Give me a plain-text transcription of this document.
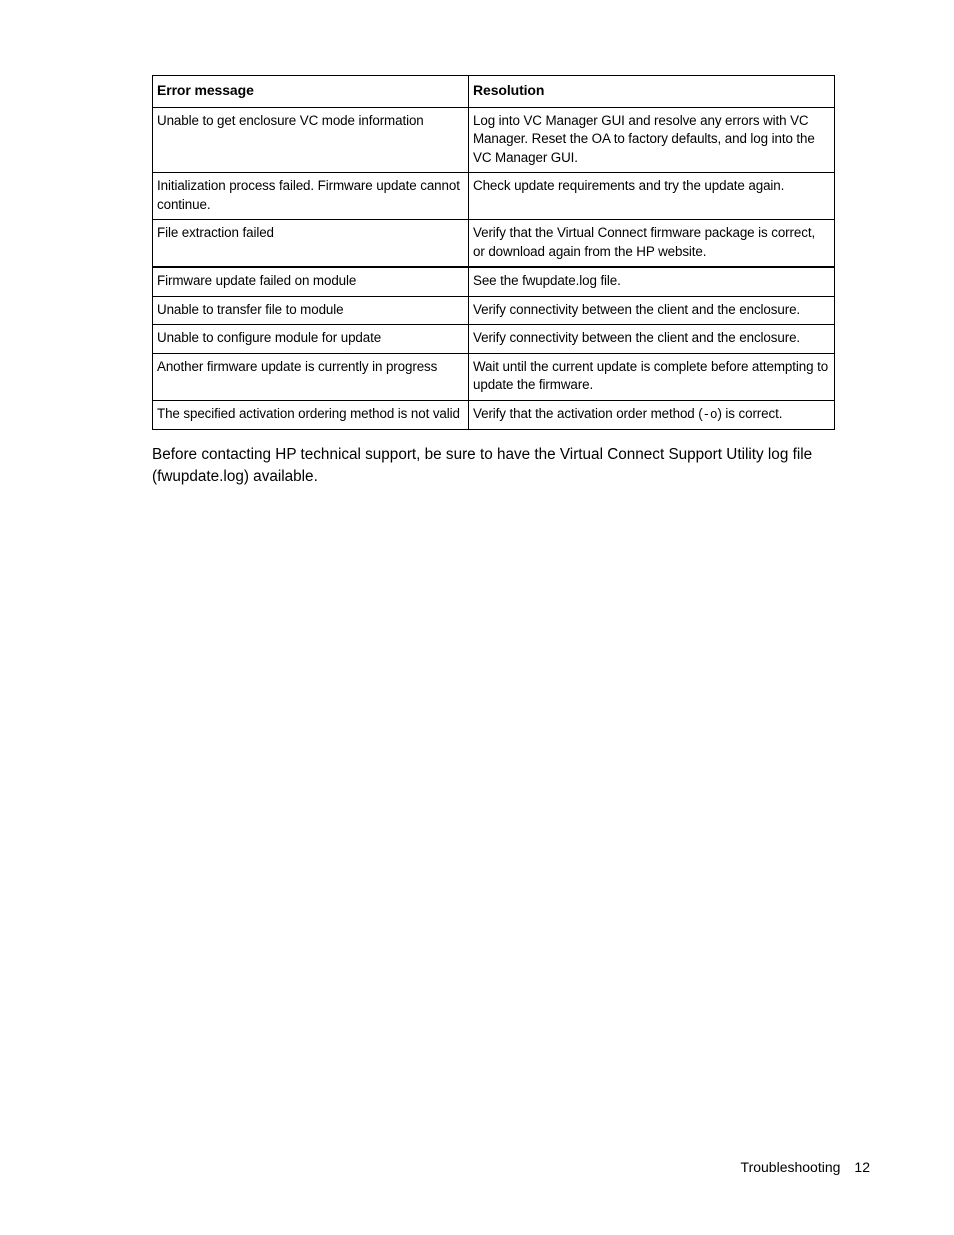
Error message	Resolution
Unable to get enclosure VC mode information	Log into VC Manager GUI and resolve any errors with VC Manager. Reset the OA to factory defaults, and log into the VC Manager GUI.
Initialization process failed. Firmware update cannot continue.	Check update requirements and try the update again.
File extraction failed	Verify that the Virtual Connect firmware package is correct, or download again from the HP website.
Firmware update failed on module	See the fwupdate.log file.
Unable to transfer file to module	Verify connectivity between the client and the enclosure.
Unable to configure module for update	Verify connectivity between the client and the enclosure.
Another firmware update is currently in progress	Wait until the current update is complete before attempting to update the firmware.
The specified activation ordering method is not valid	Verify that the activation order method (-o) is correct.

Before contacting HP technical support, be sure to have the Virtual Connect Support Utility log file (fwupdate.log) available.

Troubleshooting 12
